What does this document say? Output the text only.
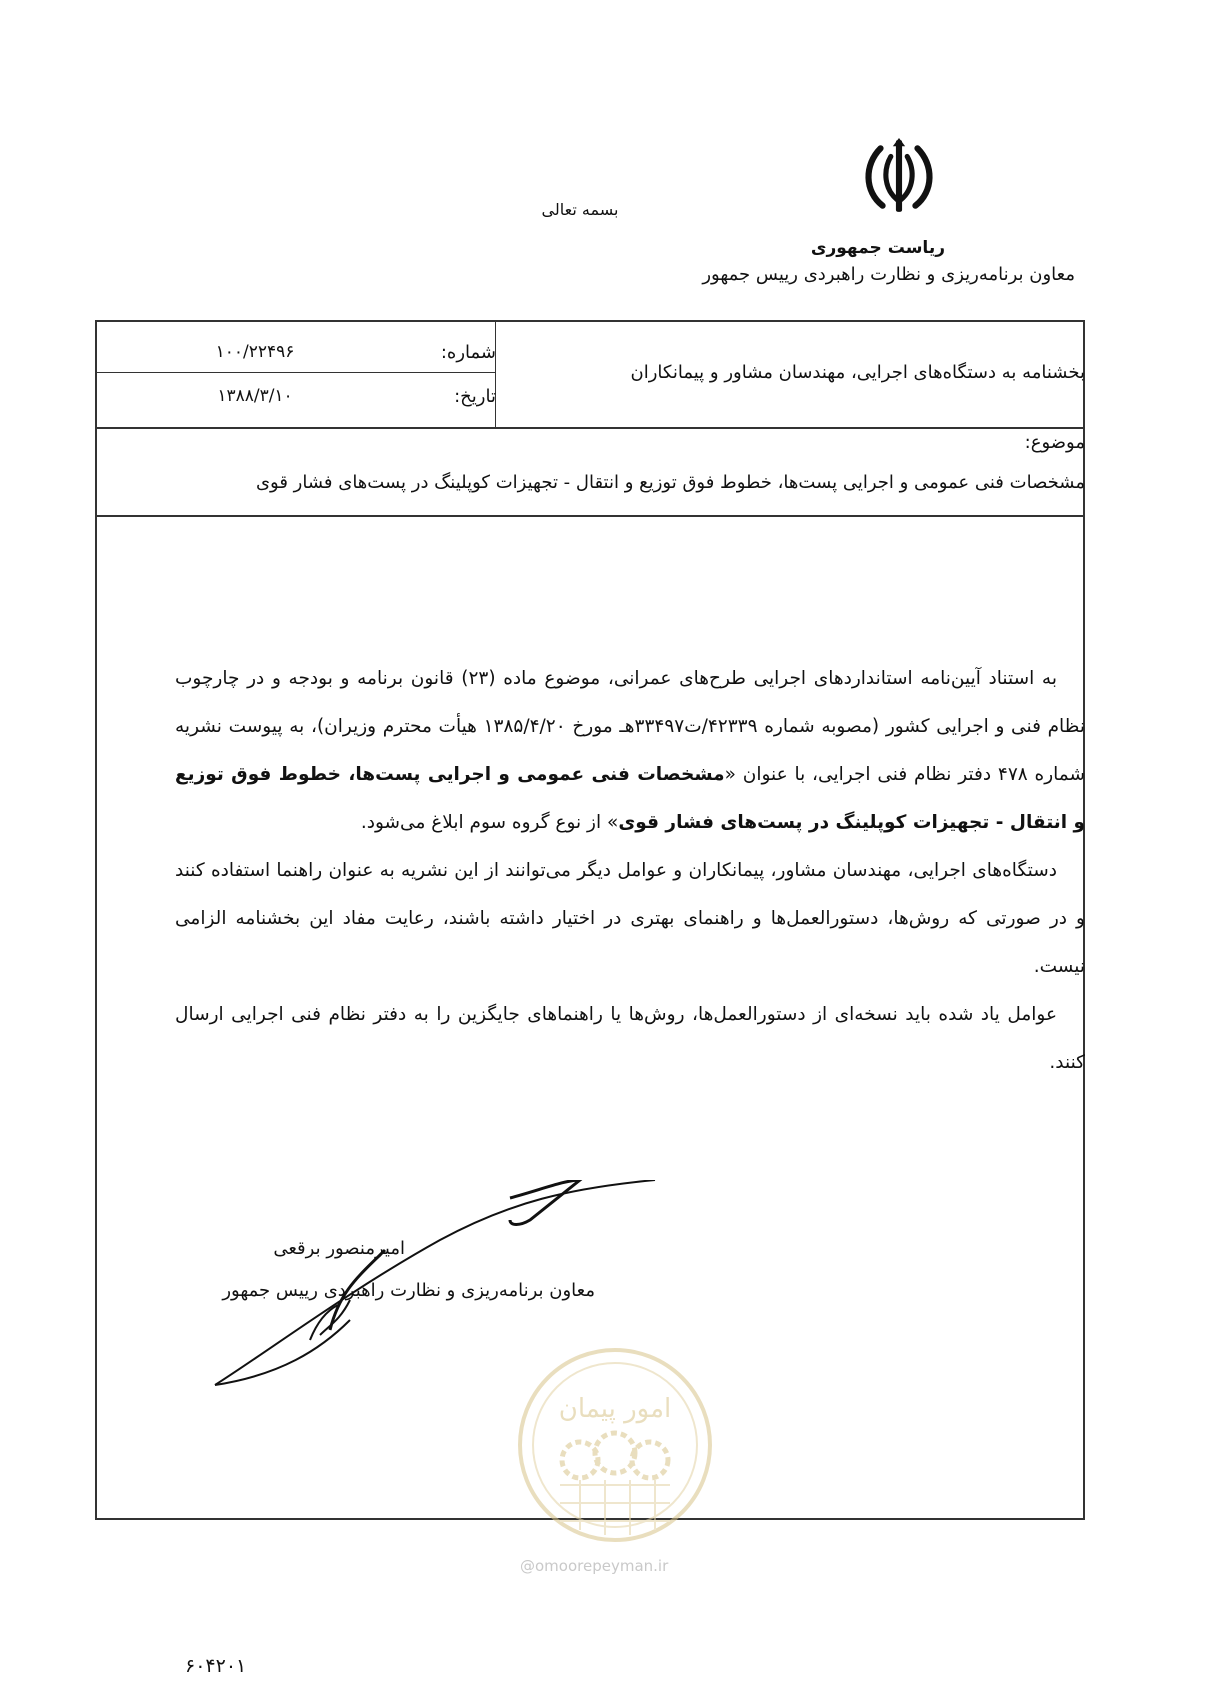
بسمه تعالی
ریاست جمهوری
معاون برنامه‌ریزی و نظارت راهبردی رییس جمهور
بخشنامه به دستگاه‌های اجرایی، مهندسان مشاور و پیمانکاران
شماره:
۱۰۰/۲۲۴۹۶
تاریخ:
۱۳۸۸/۳/۱۰
موضوع:
مشخصات فنی عمومی و اجرایی پست‌ها، خطوط فوق توزیع و انتقال - تجهیزات کوپلینگ در پست‌های فشار قوی

به استناد آیین‌نامه استانداردهای اجرایی طرح‌های عمرانی، موضوع ماده (۲۳) قانون برنامه و بودجه و در چارچوب نظام فنی و اجرایی کشور (مصوبه شماره ۴۲۳۳۹/ت۳۳۴۹۷هـ مورخ ۱۳۸۵/۴/۲۰ هیأت محترم وزیران)، به پیوست نشریه شماره ۴۷۸ دفتر نظام فنی اجرایی، با عنوان «مشخصات فنی عمومی و اجرایی پست‌ها، خطوط فوق توزیع و انتقال - تجهیزات کوپلینگ در پست‌های فشار قوی» از نوع گروه سوم ابلاغ می‌شود.

دستگاه‌های اجرایی، مهندسان مشاور، پیمانکاران و عوامل دیگر می‌توانند از این نشریه به عنوان راهنما استفاده کنند و در صورتی که روش‌ها، دستورالعمل‌ها و راهنمای بهتری در اختیار داشته باشند، رعایت مفاد این بخشنامه الزامی نیست.

عوامل یاد شده باید نسخه‌ای از دستورالعمل‌ها، روش‌ها یا راهنماهای جایگزین را به دفتر نظام فنی اجرایی ارسال کنند.

امیرمنصور برقعی
معاون برنامه‌ریزی و نظارت راهبردی رییس جمهور
امور پیمان
@omoorepeyman.ir
۶۰۴۲۰۱
